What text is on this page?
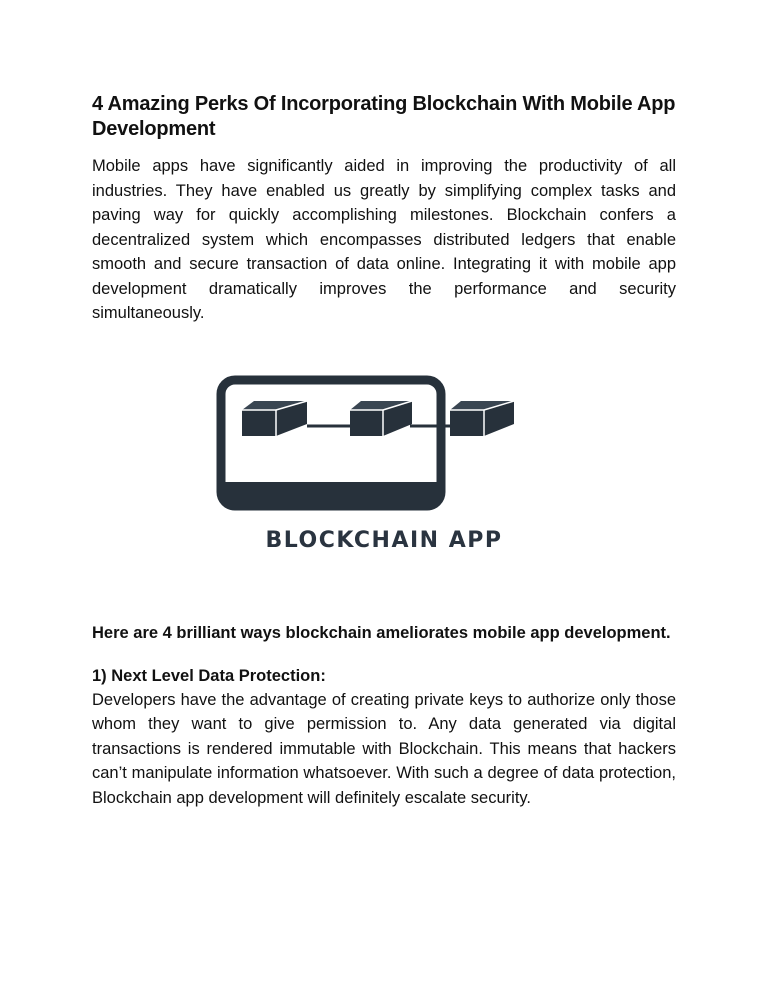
4 Amazing Perks Of Incorporating Blockchain With Mobile App Development

Mobile apps have significantly aided in improving the productivity of all industries. They have enabled us greatly by simplifying complex tasks and paving way for quickly accomplishing milestones. Blockchain confers a decentralized system which encompasses distributed ledgers that enable smooth and secure transaction of data online. Integrating it with mobile app development dramatically improves the performance and security simultaneously.

BLOCKCHAIN APP

Here are 4 brilliant ways blockchain ameliorates mobile app development.

1) Next Level Data Protection:

Developers have the advantage of creating private keys to authorize only those whom they want to give permission to. Any data generated via digital transactions is rendered immutable with Blockchain. This means that hackers can’t manipulate information whatsoever. With such a degree of data protection, Blockchain app development will definitely escalate security.
